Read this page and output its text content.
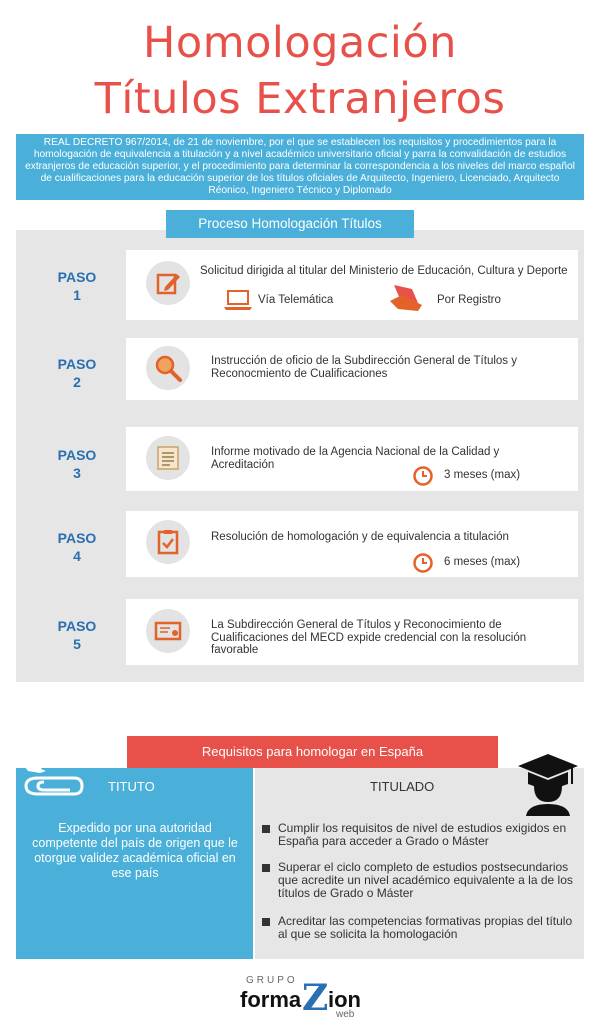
Homologación
Títulos Extranjeros
REAL DECRETO 967/2014, de 21 de noviembre, por el que se establecen los requisitos y procedimientos para la homologación de equivalencia a titulación y a nivel académico universitario oficial y parra la convalidación de estudios extranjeros de educación superior, y el procedimiento para determinar la correspondencia a los niveles del marco español de cualificaciones para la educación superior de los títulos oficiales de Arquitecto, Ingeniero, Licenciado, Arquitecto Réonico, Ingeniero Técnico y Diplomado
Proceso Homologación Títulos
PASO
1
Solicitud dirigida al titular del Ministerio de Educación, Cultura y Deporte
Vía Telemática	Por Registro
PASO
2
Instrucción de oficio de la Subdirección General de Títulos y Reconocmiento de Cualificaciones
PASO
3
Informe motivado de la Agencia Nacional de la Calidad y Acreditación
3 meses (max)
PASO
4
Resolución de homologación y de equivalencia a titulación
6 meses (max)
PASO
5
La Subdirección General de Títulos y Reconocimiento de Cualificaciones del MECD expide credencial con la resolución favorable
Requisitos para homologar en España
TITUTO
Expedido por una autoridad competente del país de origen que le otorgue validez académica oficial en ese país
TITULADO
Cumplir los requisitos de nivel de estudios exigidos en España para acceder a Grado o Máster
Superar el ciclo completo de estudios postsecundarios que acredite un nivel académico equivalente a la de los títulos de Grado o Máster
Acreditar las competencias formativas propias del título al que se solicita la homologación
GRUPO
forma Z ion
web
